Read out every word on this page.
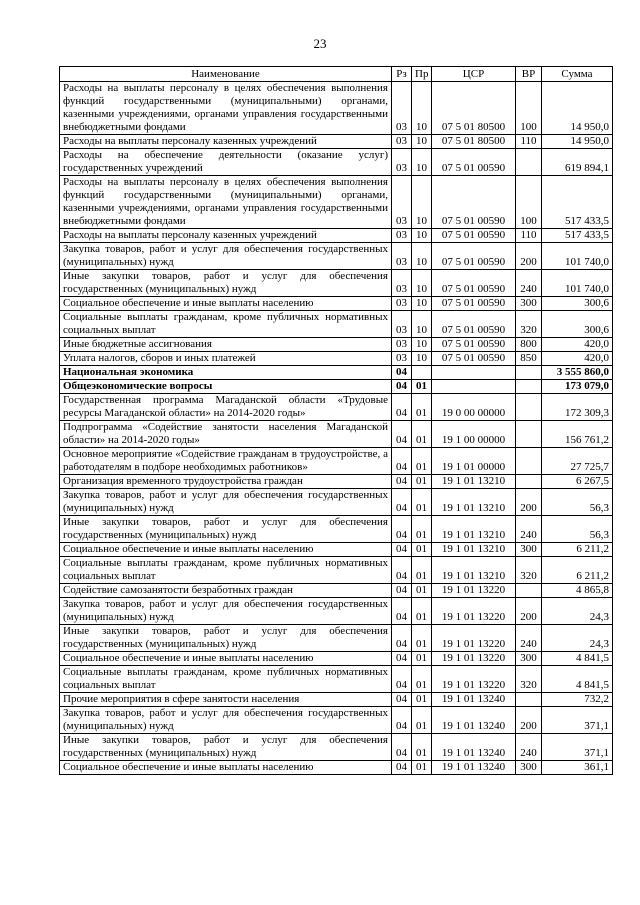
23
Наименование	Рз	Пр	ЦСР	ВР	Сумма
Расходы на выплаты персоналу в целях обеспечения выполнения функций государственными (муниципальными) органами, казенными учреждениями, органами управления государственными внебюджетными фондами	03	10	07 5 01 80500	100	14 950,0
Расходы на выплаты персоналу казенных учреждений	03	10	07 5 01 80500	110	14 950,0
Расходы на обеспечение деятельности (оказание услуг) государственных учреждений	03	10	07 5 01 00590		619 894,1
Расходы на выплаты персоналу в целях обеспечения выполнения функций государственными (муниципальными) органами, казенными учреждениями, органами управления государственными внебюджетными фондами	03	10	07 5 01 00590	100	517 433,5
Расходы на выплаты персоналу казенных учреждений	03	10	07 5 01 00590	110	517 433,5
Закупка товаров, работ и услуг для обеспечения государственных (муниципальных) нужд	03	10	07 5 01 00590	200	101 740,0
Иные закупки товаров, работ и услуг для обеспечения государственных (муниципальных) нужд	03	10	07 5 01 00590	240	101 740,0
Социальное обеспечение и иные выплаты населению	03	10	07 5 01 00590	300	300,6
Социальные выплаты гражданам, кроме публичных нормативных социальных выплат	03	10	07 5 01 00590	320	300,6
Иные бюджетные ассигнования	03	10	07 5 01 00590	800	420,0
Уплата налогов, сборов и иных платежей	03	10	07 5 01 00590	850	420,0
Национальная экономика	04				3 555 860,0
Общеэкономические вопросы	04	01			173 079,0
Государственная программа Магаданской области «Трудовые ресурсы Магаданской области» на 2014-2020 годы»	04	01	19 0 00 00000		172 309,3
Подпрограмма «Содействие занятости населения Магаданской области» на 2014-2020 годы»	04	01	19 1 00 00000		156 761,2
Основное мероприятие «Содействие гражданам в трудоустройстве, а работодателям в подборе необходимых работников»	04	01	19 1 01 00000		27 725,7
Организация временного трудоустройства граждан	04	01	19 1 01 13210		6 267,5
Закупка товаров, работ и услуг для обеспечения государственных (муниципальных) нужд	04	01	19 1 01 13210	200	56,3
Иные закупки товаров, работ и услуг для обеспечения государственных (муниципальных) нужд	04	01	19 1 01 13210	240	56,3
Социальное обеспечение и иные выплаты населению	04	01	19 1 01 13210	300	6 211,2
Социальные выплаты гражданам, кроме публичных нормативных социальных выплат	04	01	19 1 01 13210	320	6 211,2
Содействие самозанятости безработных граждан	04	01	19 1 01 13220		4 865,8
Закупка товаров, работ и услуг для обеспечения государственных (муниципальных) нужд	04	01	19 1 01 13220	200	24,3
Иные закупки товаров, работ и услуг для обеспечения государственных (муниципальных) нужд	04	01	19 1 01 13220	240	24,3
Социальное обеспечение и иные выплаты населению	04	01	19 1 01 13220	300	4 841,5
Социальные выплаты гражданам, кроме публичных нормативных социальных выплат	04	01	19 1 01 13220	320	4 841,5
Прочие мероприятия в сфере занятости населения	04	01	19 1 01 13240		732,2
Закупка товаров, работ и услуг для обеспечения государственных (муниципальных) нужд	04	01	19 1 01 13240	200	371,1
Иные закупки товаров, работ и услуг для обеспечения государственных (муниципальных) нужд	04	01	19 1 01 13240	240	371,1
Социальное обеспечение и иные выплаты населению	04	01	19 1 01 13240	300	361,1
